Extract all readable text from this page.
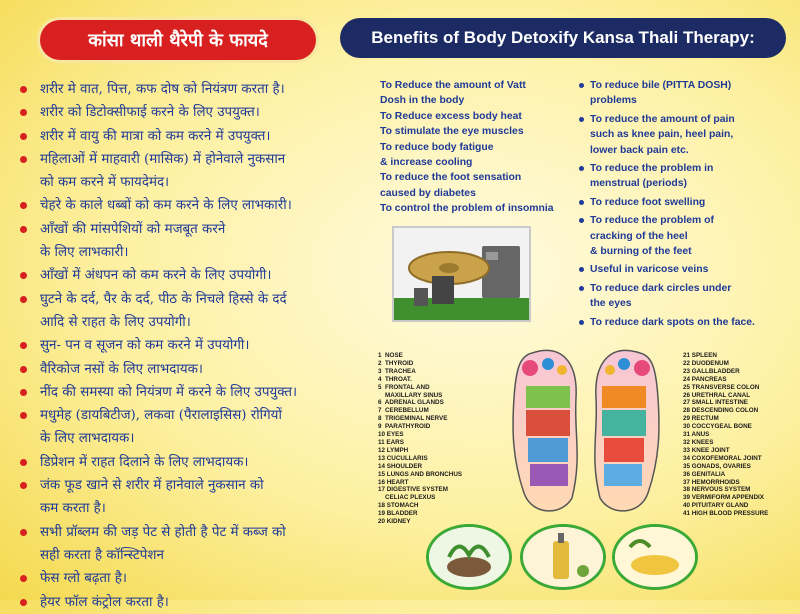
कांसा थाली थैरेपी के फायदे	Benefits of Body Detoxify Kansa Thali Therapy:
शरीर मे वात, पित्त, कफ दोष को नियंत्रण करता है।
शरीर को डिटोक्सीफाई करने के लिए उपयुक्त।
शरीर में वायु की मात्रा को कम करने में उपयुक्त।
महिलाओं में माहवारी (मासिक) में होनेवाले नुकसान
को कम करने में फायदेमंद।
चेहरे के काले धब्बों को कम करने के लिए लाभकारी।
आँखों की मांसपेशियों को मजबूत करने
के लिए लाभकारी।
आँखों में अंधपन को कम करने के लिए उपयोगी।
घुटने के दर्द, पैर के दर्द, पीठ के निचले हिस्से के दर्द
आदि से राहत के लिए उपयोगी।
सुन- पन व सूजन को कम करने में उपयोगी।
वैरिकोज नसों के लिए लाभदायक।
नींद की समस्या को नियंत्रण में करने के लिए उपयुक्त।
मधुमेह (डायबिटीज), लकवा (पैरालाइसिस) रोगियों
के लिए लाभदायक।
डिप्रेशन में राहत दिलाने के लिए लाभदायक।
जंक फूड खाने से शरीर में हानेवाले नुकसान को
कम करता है।
सभी प्रॉब्लम की जड़ पेट से होती है पेट में कब्ज को
सही करता है कॉन्स्टिपेशन
फेस ग्लो बढ़ता है।
हेयर फॉल कंट्रोल करता है।
To Reduce the amount of Vatt
Dosh in the body
To Reduce excess body heat
To stimulate the eye muscles
To reduce body fatigue
& increase cooling
To reduce the foot sensation
caused by diabetes
To control the problem of insomnia
To reduce bile (PITTA DOSH)
problems
To reduce the amount of pain
such as knee pain, heel pain,
lower back pain etc.
To reduce the problem in
menstrual (periods)
To reduce foot swelling
To reduce the problem of
cracking of the heel
& burning of the feet
Useful in varicose veins
To reduce dark circles under
the eyes
To reduce dark spots on the face.
1  NOSE
2  THYROID
3  TRACHEA
4  THROAT.
5  FRONTAL AND
MAXILLARY SINUS
6  ADRENAL GLANDS
7  CEREBELLUM
8  TRIGEMINAL NERVE
9  PARATHYROID
10 EYES
11 EARS
12 LYMPH
13 CUCULLARIS
14 SHOULDER
15 LUNGS AND BRONCHUS
16 HEART
17 DIGESTIVE SYSTEM
CELIAC PLEXUS
18 STOMACH
19 BLADDER
20 KIDNEY
21 SPLEEN
22 DUODENUM
23 GALLBLADDER
24 PANCREAS
25 TRANSVERSE COLON
26 URETHRAL CANAL
27 SMALL INTESTINE
28 DESCENDING COLON
29 RECTUM
30 COCCYGEAL BONE
31 ANUS
32 KNEES
33 KNEE JOINT
34 COXOFEMORAL JOINT
35 GONADS, OVARIES
36 GENITALIA
37 HEMORRHOIDS
38 NERVOUS SYSTEM
39 VERMIFORM APPENDIX
40 PITUITARY GLAND
41 HIGH BLOOD PRESSURE
